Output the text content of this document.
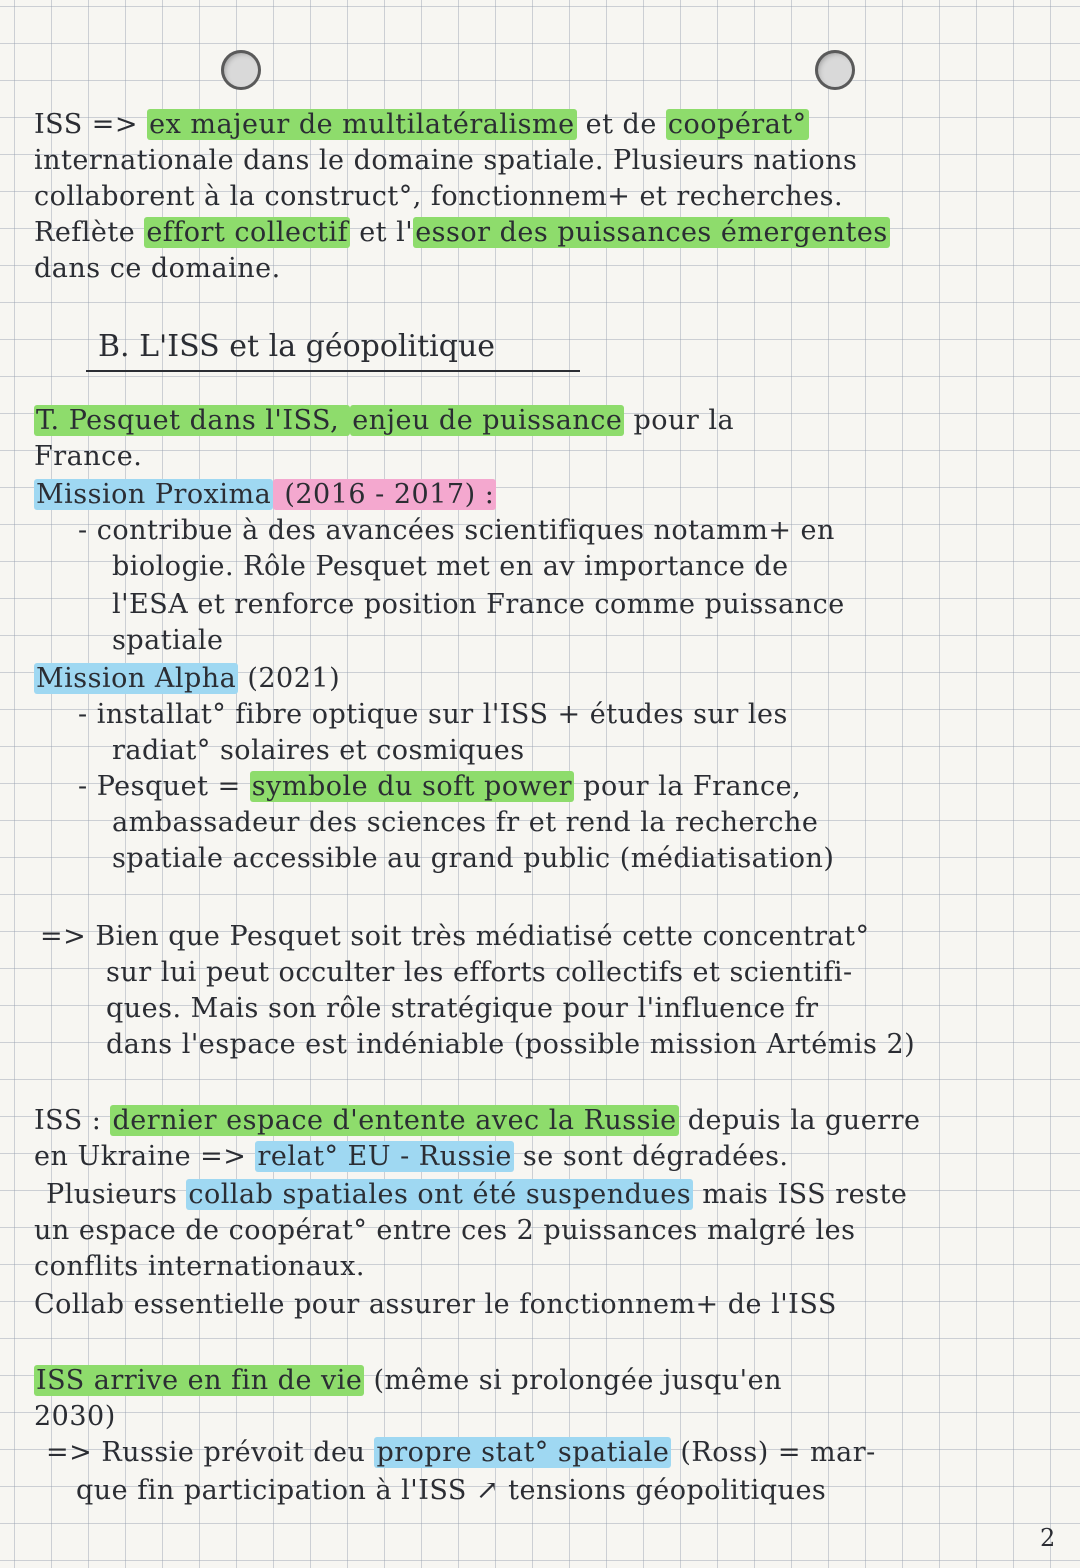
ISS => ex majeur de multilatéralisme et de coopérat°
internationale dans le domaine spatiale. Plusieurs nations
collaborent à la construct°, fonctionnem+ et recherches.
Reflète effort collectif et l'essor des puissances émergentes
dans ce domaine.
B. L'ISS et la géopolitique
T. Pesquet dans l'ISS, enjeu de puissance pour la
France.
Mission Proxima (2016 - 2017) :
- contribue à des avancées scientifiques notamm+ en
biologie. Rôle Pesquet met en av importance de
l'ESA et renforce position France comme puissance
spatiale
Mission Alpha (2021)
- installat° fibre optique sur l'ISS + études sur les
radiat° solaires et cosmiques
- Pesquet = symbole du soft power pour la France,
ambassadeur des sciences fr et rend la recherche
spatiale accessible au grand public (médiatisation)
=> Bien que Pesquet soit très médiatisé cette concentrat°
sur lui peut occulter les efforts collectifs et scientifi-
ques. Mais son rôle stratégique pour l'influence fr
dans l'espace est indéniable (possible mission Artémis 2)
ISS : dernier espace d'entente avec la Russie depuis la guerre
en Ukraine => relat° EU - Russie se sont dégradées.
Plusieurs collab spatiales ont été suspendues mais ISS reste
un espace de coopérat° entre ces 2 puissances malgré les
conflits internationaux.
Collab essentielle pour assurer le fonctionnem+ de l'ISS
ISS arrive en fin de vie (même si prolongée jusqu'en
2030)
=> Russie prévoit deu propre stat° spatiale (Ross) = mar-
que fin participation à l'ISS ↗ tensions géopolitiques
2
